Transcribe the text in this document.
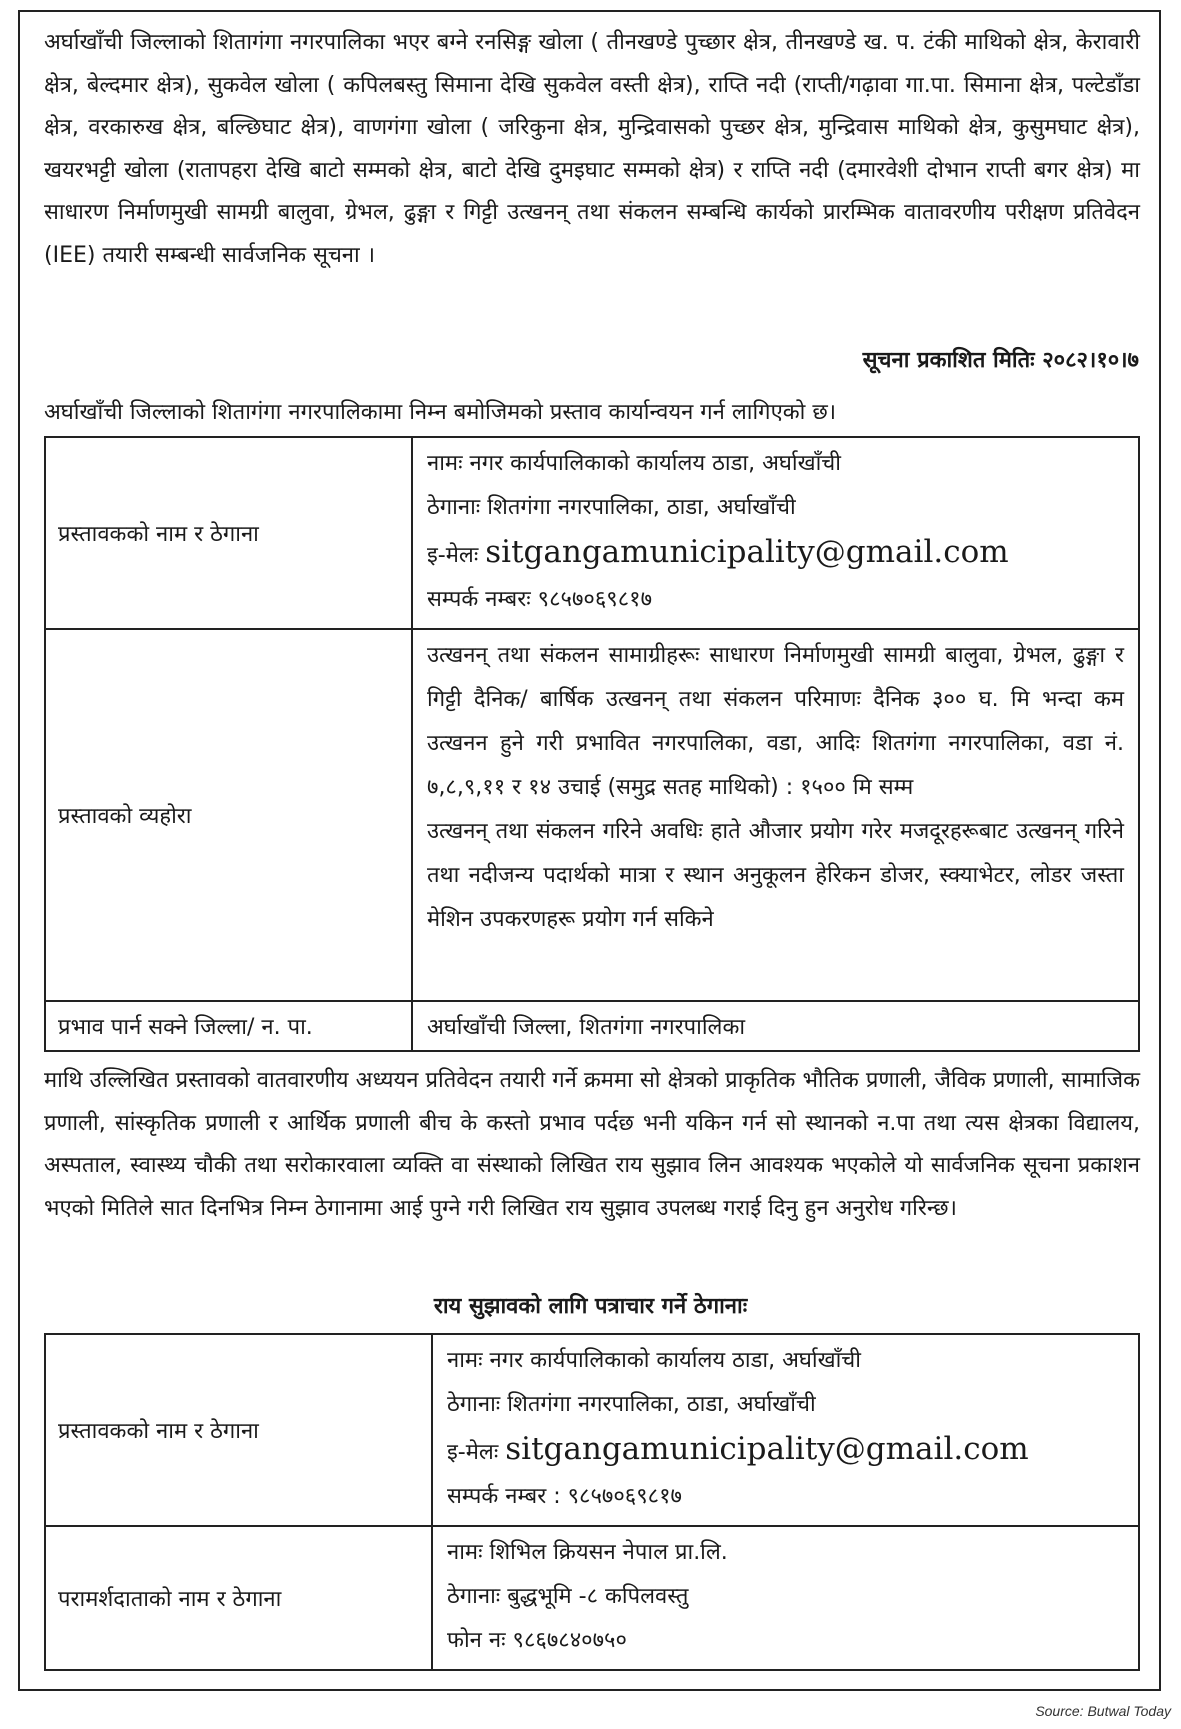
अर्घाखाँची जिल्लाको शितागंगा नगरपालिका भएर बग्ने रनसिङ्ग खोला ( तीनखण्डे पुच्छार क्षेत्र, तीनखण्डे ख. प. टंकी माथिको क्षेत्र, केरावारी क्षेत्र, बेल्दमार क्षेत्र), सुकवेल खोला ( कपिलबस्तु सिमाना देखि सुकवेल वस्ती क्षेत्र), राप्ति नदी (राप्ती/गढ़ावा गा.पा. सिमाना क्षेत्र, पल्टेडाँडा क्षेत्र, वरकारुख क्षेत्र, बल्छिघाट क्षेत्र), वाणगंगा खोला ( जरिकुना क्षेत्र, मुन्द्रिवासको पुच्छर क्षेत्र, मुन्द्रिवास माथिको क्षेत्र, कुसुमघाट क्षेत्र), खयरभट्टी खोला (रातापहरा देखि बाटो सम्मको क्षेत्र, बाटो देखि दुमइघाट सम्मको क्षेत्र) र राप्ति नदी (दमारवेशी दोभान राप्ती बगर क्षेत्र) मा साधारण निर्माणमुखी सामग्री बालुवा, ग्रेभल, ढुङ्गा र गिट्टी उत्खनन् तथा संकलन सम्बन्धि कार्यको प्रारम्भिक वातावरणीय परीक्षण प्रतिवेदन (IEE) तयारी सम्बन्धी सार्वजनिक सूचना ।

सूचना प्रकाशित मितिः २०८२।१०।७

अर्घाखाँची जिल्लाको शितागंगा नगरपालिकामा निम्न बमोजिमको प्रस्ताव कार्यान्वयन गर्न लागिएको छ।

प्रस्तावकको नाम र ठेगाना	नामः नगर कार्यपालिकाको कार्यालय ठाडा, अर्घाखाँची
ठेगानाः शितगंगा नगरपालिका, ठाडा, अर्घाखाँची
इ-मेलः sitgangamunicipality@gmail.com
सम्पर्क नम्बरः ९८५७०६९८१७

प्रस्तावको व्यहोरा	उत्खनन् तथा संकलन सामाग्रीहरूः साधारण निर्माणमुखी सामग्री बालुवा, ग्रेभल, ढुङ्गा र गिट्टी दैनिक/ बार्षिक उत्खनन् तथा संकलन परिमाणः दैनिक ३०० घ. मि भन्दा कम उत्खनन हुने गरी प्रभावित नगरपालिका, वडा, आदिः शितगंगा नगरपालिका, वडा नं. ७,८,९,११ र १४ उचाई (समुद्र सतह माथिको) : १५०० मि सम्म
उत्खनन् तथा संकलन गरिने अवधिः हाते औजार प्रयोग गरेर मजदूरहरूबाट उत्खनन् गरिने तथा नदीजन्य पदार्थको मात्रा र स्थान अनुकूलन हेरिकन डोजर, स्क्याभेटर, लोडर जस्ता मेशिन उपकरणहरू प्रयोग गर्न सकिने

प्रभाव पार्न सक्ने जिल्ला/ न. पा.	अर्घाखाँची जिल्ला, शितगंगा नगरपालिका

माथि उल्लिखित प्रस्तावको वातवारणीय अध्ययन प्रतिवेदन तयारी गर्ने क्रममा सो क्षेत्रको प्राकृतिक भौतिक प्रणाली, जैविक प्रणाली, सामाजिक प्रणाली, सांस्कृतिक प्रणाली र आर्थिक प्रणाली बीच के कस्तो प्रभाव पर्दछ भनी यकिन गर्न सो स्थानको न.पा तथा त्यस क्षेत्रका विद्यालय, अस्पताल, स्वास्थ्य चौकी तथा सरोकारवाला व्यक्ति वा संस्थाको लिखित राय सुझाव लिन आवश्यक भएकोले यो सार्वजनिक सूचना प्रकाशन भएको मितिले सात दिनभित्र निम्न ठेगानामा आई पुग्ने गरी लिखित राय सुझाव उपलब्ध गराई दिनु हुन अनुरोध गरिन्छ।

राय सुझावको लागि पत्राचार गर्ने ठेगानाः

प्रस्तावकको नाम र ठेगाना	नामः नगर कार्यपालिकाको कार्यालय ठाडा, अर्घाखाँची
ठेगानाः शितगंगा नगरपालिका, ठाडा, अर्घाखाँची
इ-मेलः sitgangamunicipality@gmail.com
सम्पर्क नम्बर : ९८५७०६९८१७

परामर्शदाताको नाम र ठेगाना	नामः शिभिल क्रियसन नेपाल प्रा.लि.
ठेगानाः बुद्धभूमि -८ कपिलवस्तु
फोन नः ९८६७८४०७५०
Source: Butwal Today
